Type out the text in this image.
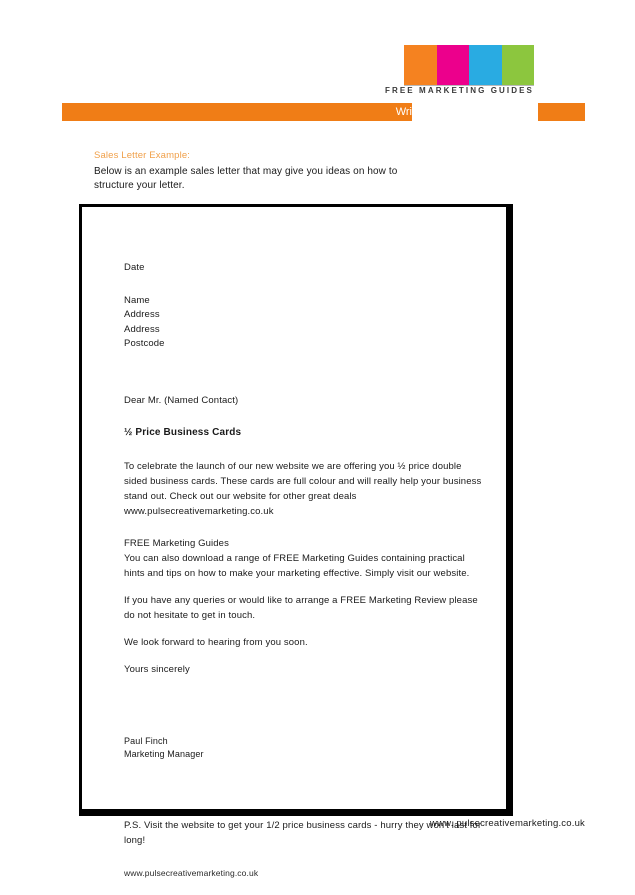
FREE MARKETING GUIDES
Wri

Sales Letter Example:

Below is an example sales letter that may give you ideas on how to structure your letter.

Date

Name

Address

Address

Postcode

Dear Mr. (Named Contact)

½ Price Business Cards

To celebrate the launch of our new website we are offering you ½ price double sided business cards. These cards are full colour and will really help your business stand out. Check out our website for other great deals www.pulsecreativemarketing.co.uk

FREE Marketing Guides

You can also download a range of FREE Marketing Guides containing practical hints and tips on how to make your marketing effective. Simply visit our website.

If you have any queries or would like to arrange a FREE Marketing Review please do not hesitate to get in touch.

We look forward to hearing from you soon.

Yours sincerely

Paul Finch

Marketing Manager

P.S. Visit the website to get your 1/2 price business cards - hurry they won't last for long!

www.pulsecreativemarketing.co.uk

www. pulsecreativemarketing.co.uk
